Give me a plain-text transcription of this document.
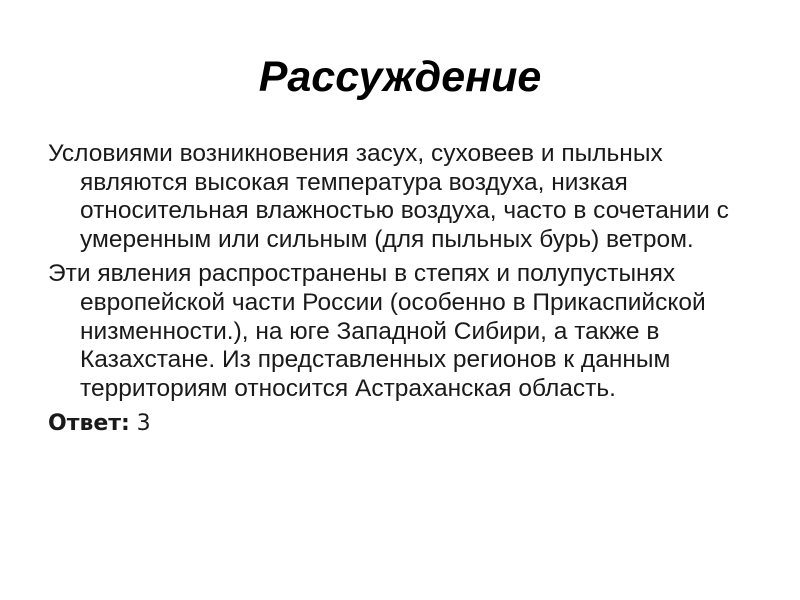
Рассуждение

Условиями возникновения засух, суховеев и пыльных являются высокая температура воздуха, низкая относительная влажностью воздуха, часто в сочетании с умеренным или сильным (для пыльных бурь) ветром.

Эти явления распространены в степях и полупустынях европейской части России (особенно в Прикаспийской низменности.), на юге Западной Сибири, а также в Казахстане. Из представленных регионов к данным территориям относится Астраханская область.

Ответ: 3
